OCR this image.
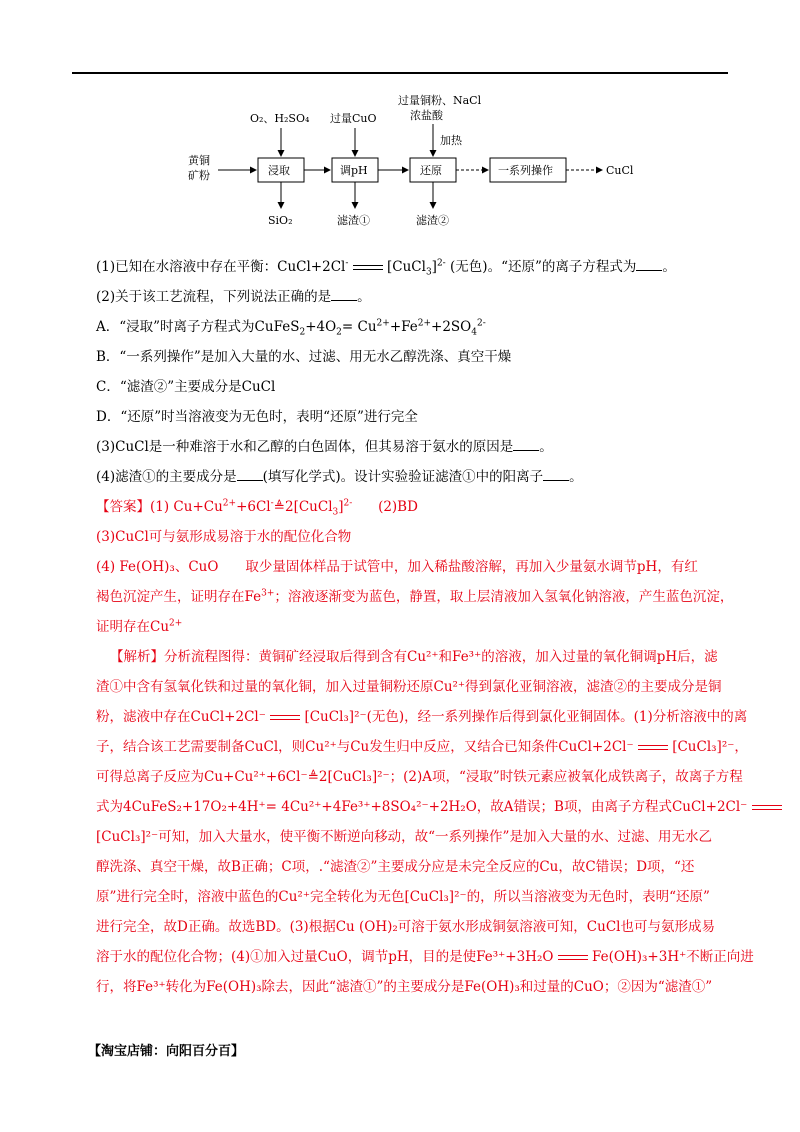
黄铜
矿粉	浸取
O₂、H₂SO₄
SiO₂
调pH
过量CuO
滤渣①
还原
过量铜粉、NaCl
浓盐酸
加热
滤渣②
一系列操作	CuCl
(1)已知在水溶液中存在平衡：CuCl+2Cl-	[CuCl$_3$]$^{2-}$ (无色)。“还原”的离子方程式为 。
(2)关于该工艺流程，下列说法正确的是 。
A．“浸取”时离子方程式为$CuFeS_2+4O_2= Cu^{2+}+Fe^{2+}+2SO_4^{2-}$
B．“一系列操作”是加入大量的水、过滤、用无水乙醇洗涤、真空干燥
C．“滤渣②”主要成分是CuCl
D．“还原”时当溶液变为无色时，表明“还原”进行完全
(3)CuCl是一种难溶于水和乙醇的白色固体，但其易溶于氨水的原因是 。
(4)滤渣①的主要成分是 (填写化学式)。设计实验验证滤渣①中的阳离子 。
【答案】(1) $Cu+Cu^{2+}+6Cl^-≜2[CuCl_3]^{2-}$ (2)BD
(3)CuCl可与氨形成易溶于水的配位化合物
(4) Fe(OH)₃、CuO　　取少量固体样品于试管中，加入稀盐酸溶解，再加入少量氨水调节pH，有红
褐色沉淀产生，证明存在$Fe^{3+}$；溶液逐渐变为蓝色，静置，取上层清液加入氢氧化钠溶液，产生蓝色沉淀，
证明存在$Cu^{2+}$
【解析】分析流程图得：黄铜矿经浸取后得到含有Cu²⁺和Fe³⁺的溶液，加入过量的氧化铜调pH后，滤
渣①中含有氢氧化铁和过量的氧化铜，加入过量铜粉还原Cu²⁺得到氯化亚铜溶液，滤渣②的主要成分是铜
粉，滤液中存在CuCl+2Cl⁻	[CuCl₃]²⁻(无色)，经一系列操作后得到氯化亚铜固体。(1)分析溶液中的离
子，结合该工艺需要制备CuCl，则Cu²⁺与Cu发生归中反应，又结合已知条件CuCl+2Cl⁻	[CuCl₃]²⁻，
可得总离子反应为Cu+Cu²⁺+6Cl⁻≜2[CuCl₃]²⁻；(2)A项，“浸取”时铁元素应被氧化成铁离子，故离子方程
式为4CuFeS₂+17O₂+4H⁺= 4Cu²⁺+4Fe³⁺+8SO₄²⁻+2H₂O，故A错误；B项，由离子方程式CuCl+2Cl⁻
[CuCl₃]²⁻可知，加入大量水，使平衡不断逆向移动，故“一系列操作”是加入大量的水、过滤、用无水乙
醇洗涤、真空干燥，故B正确；C项，.“滤渣②”主要成分应是未完全反应的Cu，故C错误；D项，“还
原”进行完全时，溶液中蓝色的Cu²⁺完全转化为无色[CuCl₃]²⁻的，所以当溶液变为无色时，表明“还原”
进行完全，故D正确。故选BD。(3)根据Cu (OH)₂可溶于氨水形成铜氨溶液可知，CuCl也可与氨形成易
溶于水的配位化合物；(4)①加入过量CuO，调节pH，目的是使Fe³⁺+3H₂O	Fe(OH)₃+3H⁺不断正向进
行，将Fe³⁺转化为Fe(OH)₃除去，因此“滤渣①”的主要成分是Fe(OH)₃和过量的CuO；②因为“滤渣①”
【淘宝店铺：向阳百分百】
